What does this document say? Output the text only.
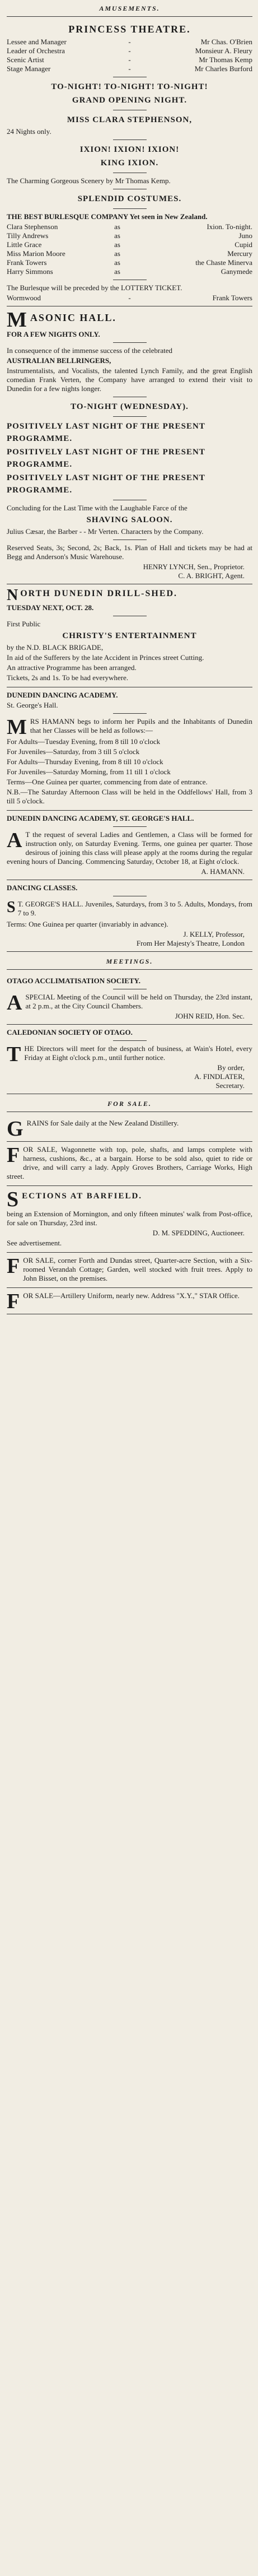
AMUSEMENTS.
PRINCESS THEATRE.
Lessee and Manager	-	Mr Chas. O'Brien
Leader of Orchestra	-	Monsieur A. Fleury
Scenic Artist	-	Mr Thomas Kemp
Stage Manager	-	Mr Charles Burford
TO-NIGHT! TO-NIGHT! TO-NIGHT!
GRAND OPENING NIGHT.
MISS CLARA STEPHENSON,
24 Nights only.
IXION! IXION! IXION!
KING IXION.
The Charming Gorgeous Scenery by Mr Thomas Kemp.
SPLENDID COSTUMES.
THE BEST BURLESQUE COMPANY Yet seen in New Zealand.
Clara Stephenson	as	Ixion. To-night.
Tilly Andrews	as	Juno
Little Grace	as	Cupid
Miss Marion Moore	as	Mercury
Frank Towers	as	the Chaste Minerva
Harry Simmons	as	Ganymede
The Burlesque will be preceded by the LOTTERY TICKET.
Wormwood	-	Frank Towers
M ASONIC HALL.
FOR A FEW NIGHTS ONLY.
In consequence of the immense success of the celebrated
AUSTRALIAN BELLRINGERS,
Instrumentalists, and Vocalists, the talented Lynch Family, and the great English comedian Frank Verten, the Company have arranged to extend their visit to Dunedin for a few nights longer.
TO-NIGHT (WEDNESDAY).
POSITIVELY LAST NIGHT OF THE PRESENT PROGRAMME.
POSITIVELY LAST NIGHT OF THE PRESENT PROGRAMME.
POSITIVELY LAST NIGHT OF THE PRESENT PROGRAMME.
Concluding for the Last Time with the Laughable Farce of the
SHAVING SALOON.
Julius Cæsar, the Barber - - Mr Verten. Characters by the Company.
Reserved Seats, 3s; Second, 2s; Back, 1s. Plan of Hall and tickets may be had at Begg and Anderson's Music Warehouse.
HENRY LYNCH, Sen., Proprietor.
C. A. BRIGHT, Agent.
N ORTH DUNEDIN DRILL-SHED.
TUESDAY NEXT, OCT. 28.
First Public
CHRISTY'S ENTERTAINMENT
by the N.D. BLACK BRIGADE,
In aid of the Sufferers by the late Accident in Princes street Cutting.
An attractive Programme has been arranged.
Tickets, 2s and 1s. To be had everywhere.
DUNEDIN DANCING ACADEMY.
St. George's Hall.
M RS HAMANN begs to inform her Pupils and the Inhabitants of Dunedin that her Classes will be held as follows:—
For Adults—Tuesday Evening, from 8 till 10 o'clock
For Juveniles—Saturday, from 3 till 5 o'clock
For Adults—Thursday Evening, from 8 till 10 o'clock
For Juveniles—Saturday Morning, from 11 till 1 o'clock
Terms—One Guinea per quarter, commencing from date of entrance.
N.B.—The Saturday Afternoon Class will be held in the Oddfellows' Hall, from 3 till 5 o'clock.
DUNEDIN DANCING ACADEMY, ST. GEORGE'S HALL.
A T the request of several Ladies and Gentlemen, a Class will be formed for instruction only, on Saturday Evening. Terms, one guinea per quarter. Those desirous of joining this class will please apply at the rooms during the regular evening hours of Dancing. Commencing Saturday, October 18, at Eight o'clock.
A. HAMANN.
DANCING CLASSES.
S T. GEORGE'S HALL. Juveniles, Saturdays, from 3 to 5. Adults, Mondays, from 7 to 9.
Terms: One Guinea per quarter (invariably in advance).
J. KELLY, Professor,
From Her Majesty's Theatre, London
MEETINGS.
OTAGO ACCLIMATISATION SOCIETY.
A SPECIAL Meeting of the Council will be held on Thursday, the 23rd instant, at 2 p.m., at the City Council Chambers.
JOHN REID, Hon. Sec.
CALEDONIAN SOCIETY OF OTAGO.
T HE Directors will meet for the despatch of business, at Wain's Hotel, every Friday at Eight o'clock p.m., until further notice.
By order,
A. FINDLATER,
Secretary.
FOR SALE.
G RAINS for Sale daily at the New Zealand Distillery.
F OR SALE, Wagonnette with top, pole, shafts, and lamps complete with harness, cushions, &c., at a bargain. Horse to be sold also, quiet to ride or drive, and will carry a lady. Apply Groves Brothers, Carriage Works, High street.
S ECTIONS AT BARFIELD.
being an Extension of Mornington, and only fifteen minutes' walk from Post-office, for sale on Thursday, 23rd inst.
D. M. SPEDDING, Auctioneer.
See advertisement.
F OR SALE, corner Forth and Dundas street, Quarter-acre Section, with a Six-roomed Verandah Cottage; Garden, well stocked with fruit trees. Apply to John Bisset, on the premises.
F OR SALE—Artillery Uniform, nearly new. Address "X.Y.," STAR Office.
